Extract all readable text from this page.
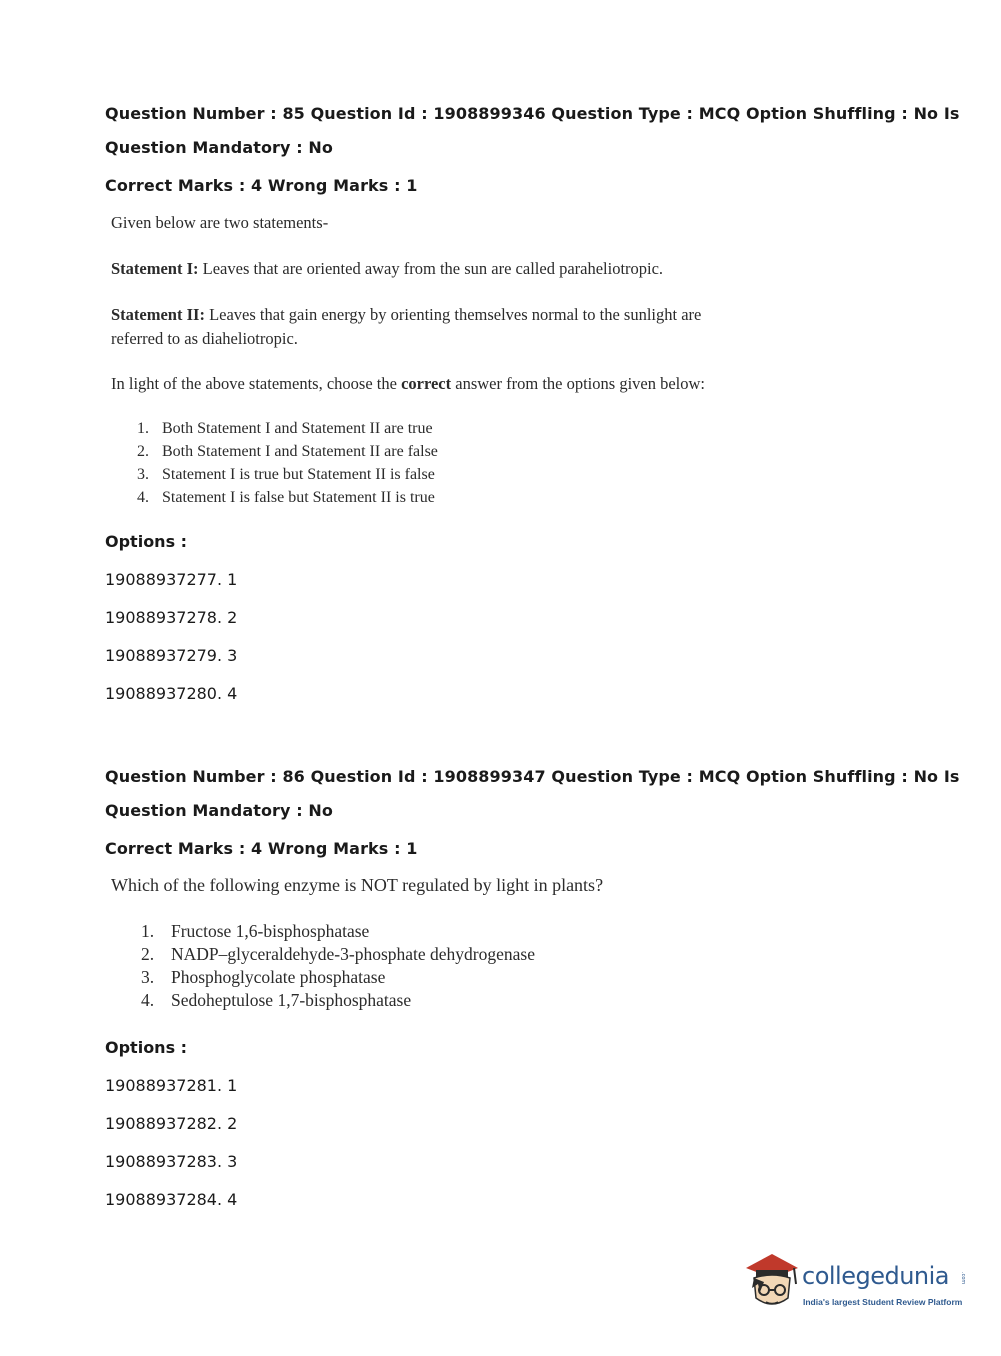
Question Number : 85 Question Id : 1908899346 Question Type : MCQ Option Shuffling : No Is
Question Mandatory : No
Correct Marks : 4 Wrong Marks : 1
Given below are two statements-
Statement I: Leaves that are oriented away from the sun are called paraheliotropic.
Statement II: Leaves that gain energy by orienting themselves normal to the sunlight are
referred to as diaheliotropic.
In light of the above statements, choose the correct answer from the options given below:
1. Both Statement I and Statement II are true
2. Both Statement I and Statement II are false
3. Statement I is true but Statement II is false
4. Statement I is false but Statement II is true
Options :
19088937277. 1
19088937278. 2
19088937279. 3
19088937280. 4
Question Number : 86 Question Id : 1908899347 Question Type : MCQ Option Shuffling : No Is
Question Mandatory : No
Correct Marks : 4 Wrong Marks : 1
Which of the following enzyme is NOT regulated by light in plants?
1. Fructose 1,6-bisphosphatase
2. NADP–glyceraldehyde-3-phosphate dehydrogenase
3. Phosphoglycolate phosphatase
4. Sedoheptulose 1,7-bisphosphatase
Options :
19088937281. 1
19088937282. 2
19088937283. 3
19088937284. 4
collegedunia .com
India's largest Student Review Platform
